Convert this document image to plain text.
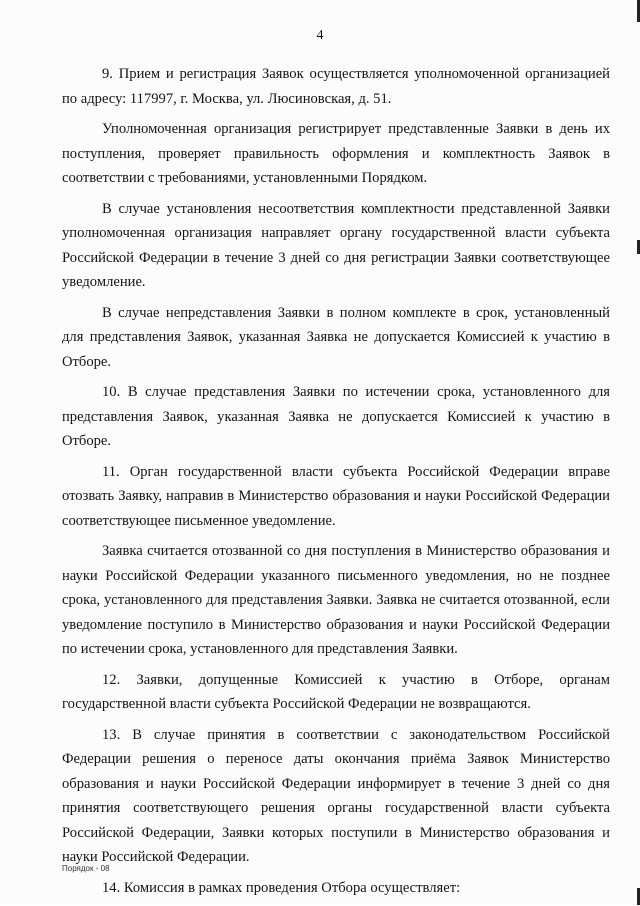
4

9. Прием и регистрация Заявок осуществляется уполномоченной организацией по адресу: 117997, г. Москва, ул. Люсиновская, д. 51.

Уполномоченная организация регистрирует представленные Заявки в день их поступления, проверяет правильность оформления и комплектность Заявок в соответствии с требованиями, установленными Порядком.

В случае установления несоответствия комплектности представленной Заявки уполномоченная организация направляет органу государственной власти субъекта Российской Федерации в течение 3 дней со дня регистрации Заявки соответствующее уведомление.

В случае непредставления Заявки в полном комплекте в срок, установленный для представления Заявок, указанная Заявка не допускается Комиссией к участию в Отборе.

10. В случае представления Заявки по истечении срока, установленного для представления Заявок, указанная Заявка не допускается Комиссией к участию в Отборе.

11. Орган государственной власти субъекта Российской Федерации вправе отозвать Заявку, направив в Министерство образования и науки Российской Федерации соответствующее письменное уведомление.

Заявка считается отозванной со дня поступления в Министерство образования и науки Российской Федерации указанного письменного уведомления, но не позднее срока, установленного для представления Заявки. Заявка не считается отозванной, если уведомление поступило в Министерство образования и науки Российской Федерации по истечении срока, установленного для представления Заявки.

12. Заявки, допущенные Комиссией к участию в Отборе, органам государственной власти субъекта Российской Федерации не возвращаются.

13. В случае принятия в соответствии с законодательством Российской Федерации решения о переносе даты окончания приёма Заявок Министерство образования и науки Российской Федерации информирует в течение 3 дней со дня принятия соответствующего решения органы государственной власти субъекта Российской Федерации, Заявки которых поступили в Министерство образования и науки Российской Федерации.

14. Комиссия в рамках проведения Отбора осуществляет:

Порядок - 08
